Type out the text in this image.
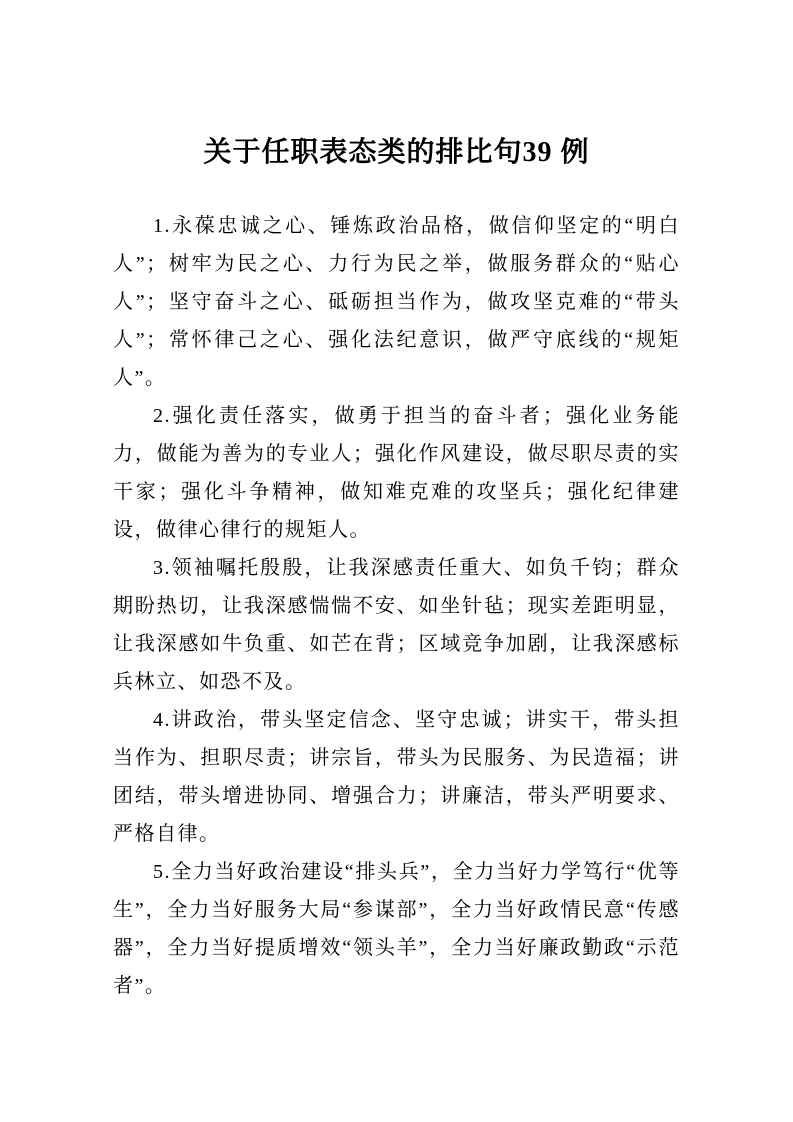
关于任职表态类的排比句39 例

1.永葆忠诚之心、锤炼政治品格，做信仰坚定的“明白人”；树牢为民之心、力行为民之举，做服务群众的“贴心人”；坚守奋斗之心、砥砺担当作为，做攻坚克难的“带头人”；常怀律己之心、强化法纪意识，做严守底线的“规矩人”。

2.强化责任落实，做勇于担当的奋斗者；强化业务能力，做能为善为的专业人；强化作风建设，做尽职尽责的实干家；强化斗争精神，做知难克难的攻坚兵；强化纪律建设，做律心律行的规矩人。

3.领袖嘱托殷殷，让我深感责任重大、如负千钧；群众期盼热切，让我深感惴惴不安、如坐针毡；现实差距明显，让我深感如牛负重、如芒在背；区域竞争加剧，让我深感标兵林立、如恐不及。

4.讲政治，带头坚定信念、坚守忠诚；讲实干，带头担当作为、担职尽责；讲宗旨，带头为民服务、为民造福；讲团结，带头增进协同、增强合力；讲廉洁，带头严明要求、严格自律。

5.全力当好政治建设“排头兵”，全力当好力学笃行“优等生”，全力当好服务大局“参谋部”，全力当好政情民意“传感器”，全力当好提质增效“领头羊”，全力当好廉政勤政“示范者”。
